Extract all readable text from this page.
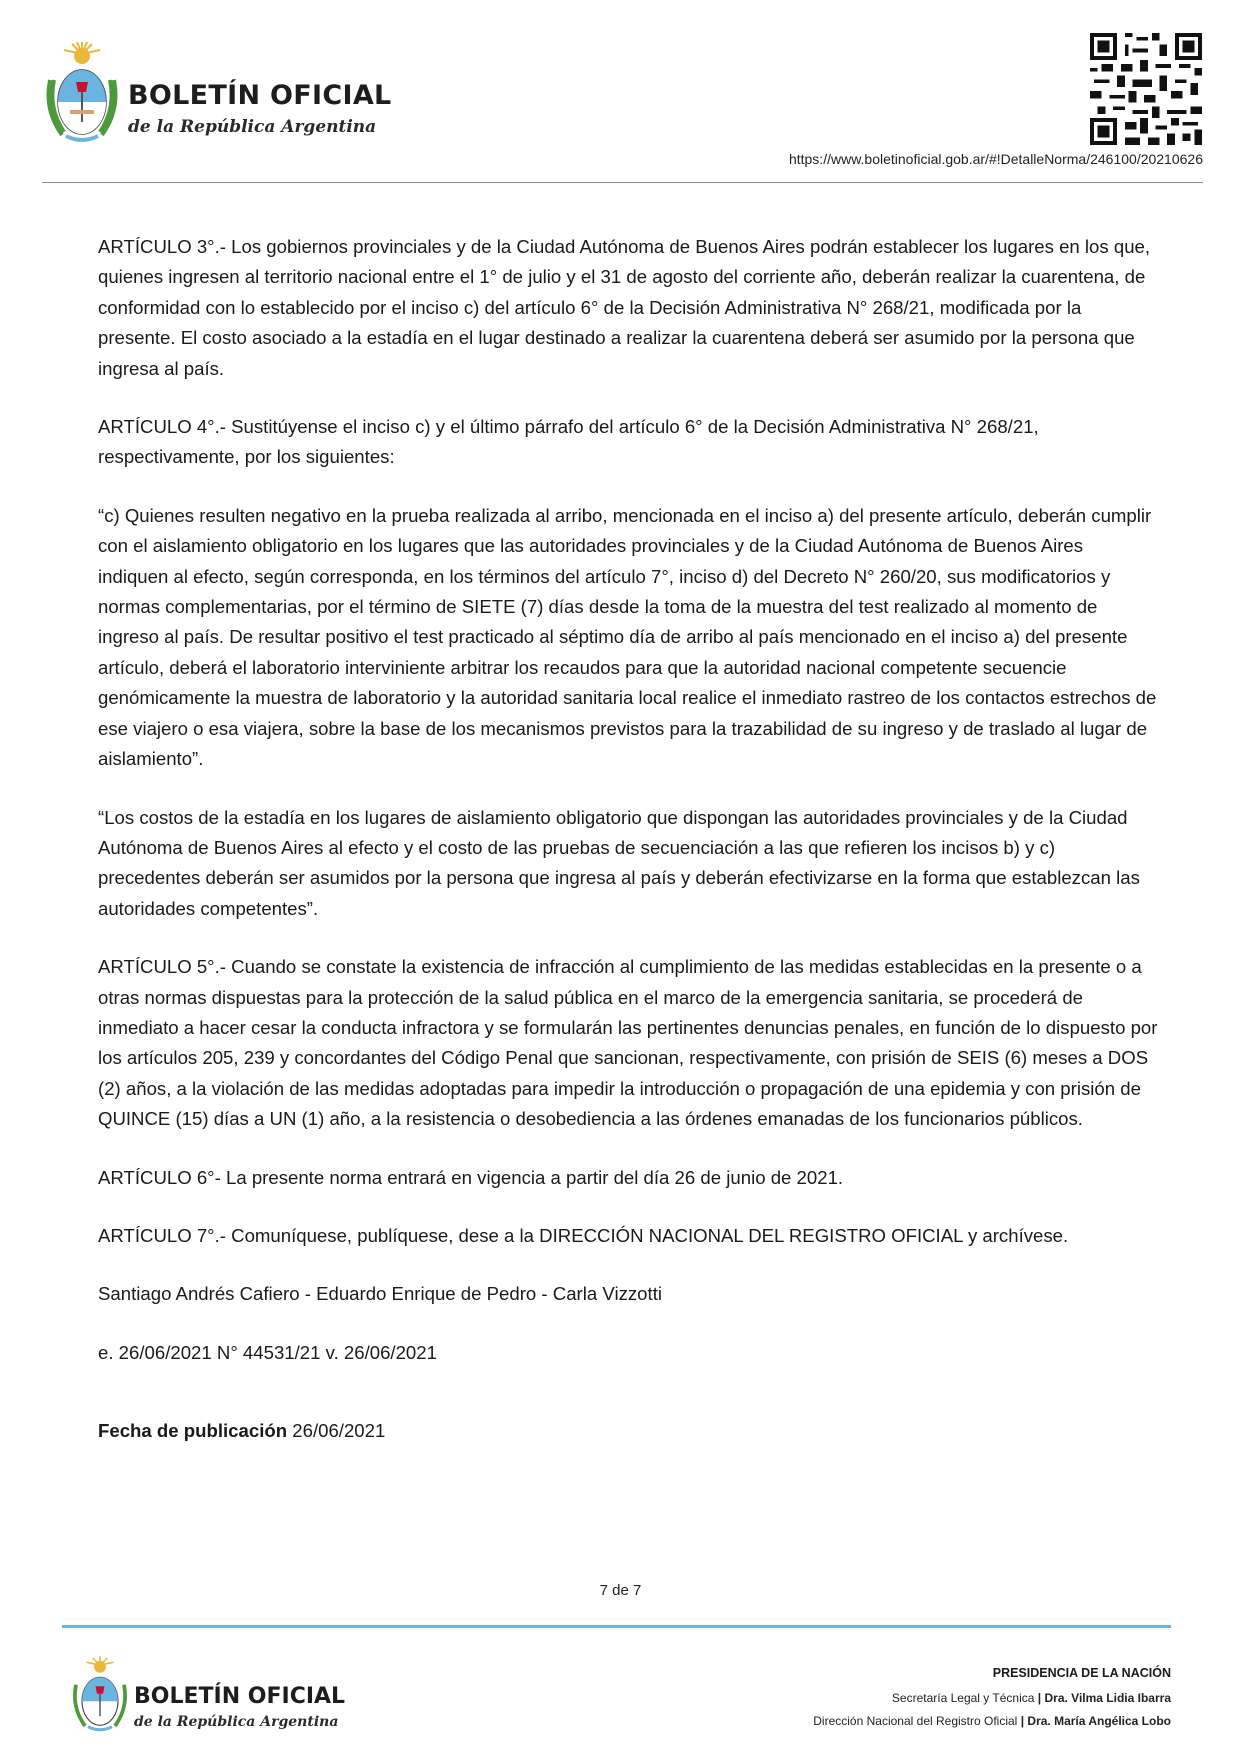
BOLETÍN OFICIAL
de la República Argentina
https://www.boletinoficial.gob.ar/#!DetalleNorma/246100/20210626

ARTÍCULO 3°.- Los gobiernos provinciales y de la Ciudad Autónoma de Buenos Aires podrán establecer los lugares en los que, quienes ingresen al territorio nacional entre el 1° de julio y el 31 de agosto del corriente año, deberán realizar la cuarentena, de conformidad con lo establecido por el inciso c) del artículo 6° de la Decisión Administrativa N° 268/21, modificada por la presente. El costo asociado a la estadía en el lugar destinado a realizar la cuarentena deberá ser asumido por la persona que ingresa al país.

ARTÍCULO 4°.- Sustitúyense el inciso c) y el último párrafo del artículo 6° de la Decisión Administrativa N° 268/21, respectivamente, por los siguientes:

“c) Quienes resulten negativo en la prueba realizada al arribo, mencionada en el inciso a) del presente artículo, deberán cumplir con el aislamiento obligatorio en los lugares que las autoridades provinciales y de la Ciudad Autónoma de Buenos Aires indiquen al efecto, según corresponda, en los términos del artículo 7°, inciso d) del Decreto N° 260/20, sus modificatorios y normas complementarias, por el término de SIETE (7) días desde la toma de la muestra del test realizado al momento de ingreso al país. De resultar positivo el test practicado al séptimo día de arribo al país mencionado en el inciso a) del presente artículo, deberá el laboratorio interviniente arbitrar los recaudos para que la autoridad nacional competente secuencie genómicamente la muestra de laboratorio y la autoridad sanitaria local realice el inmediato rastreo de los contactos estrechos de ese viajero o esa viajera, sobre la base de los mecanismos previstos para la trazabilidad de su ingreso y de traslado al lugar de aislamiento”.

“Los costos de la estadía en los lugares de aislamiento obligatorio que dispongan las autoridades provinciales y de la Ciudad Autónoma de Buenos Aires al efecto y el costo de las pruebas de secuenciación a las que refieren los incisos b) y c) precedentes deberán ser asumidos por la persona que ingresa al país y deberán efectivizarse en la forma que establezcan las autoridades competentes”.

ARTÍCULO 5°.- Cuando se constate la existencia de infracción al cumplimiento de las medidas establecidas en la presente o a otras normas dispuestas para la protección de la salud pública en el marco de la emergencia sanitaria, se procederá de inmediato a hacer cesar la conducta infractora y se formularán las pertinentes denuncias penales, en función de lo dispuesto por los artículos 205, 239 y concordantes del Código Penal que sancionan, respectivamente, con prisión de SEIS (6) meses a DOS (2) años, a la violación de las medidas adoptadas para impedir la introducción o propagación de una epidemia y con prisión de QUINCE (15) días a UN (1) año, a la resistencia o desobediencia a las órdenes emanadas de los funcionarios públicos.

ARTÍCULO 6°- La presente norma entrará en vigencia a partir del día 26 de junio de 2021.

ARTÍCULO 7°.- Comuníquese, publíquese, dese a la DIRECCIÓN NACIONAL DEL REGISTRO OFICIAL y archívese.

Santiago Andrés Cafiero - Eduardo Enrique de Pedro - Carla Vizzotti

e. 26/06/2021 N° 44531/21 v. 26/06/2021

Fecha de publicación 26/06/2021

7 de 7
BOLETÍN OFICIAL
de la República Argentina
PRESIDENCIA DE LA NACIÓN
Secretaría Legal y Técnica | Dra. Vilma Lidia Ibarra
Dirección Nacional del Registro Oficial | Dra. María Angélica Lobo
